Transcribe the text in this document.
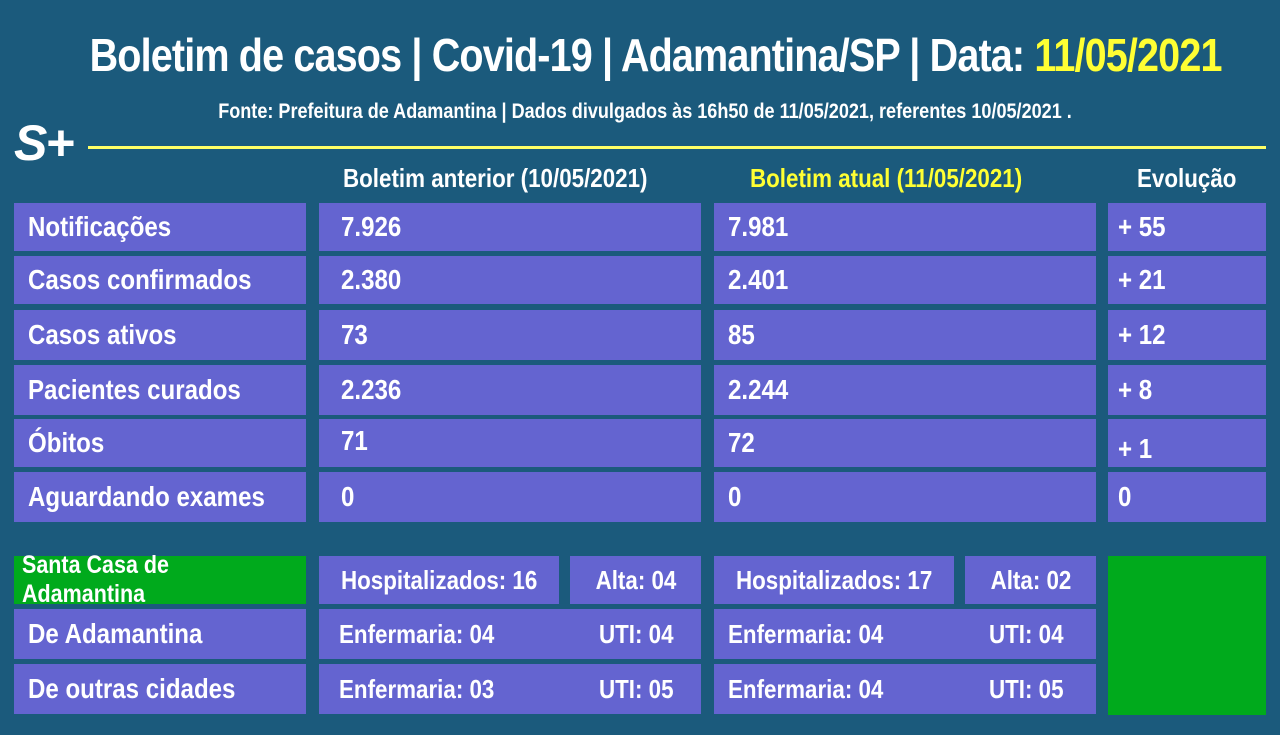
Boletim de casos | Covid-19 | Adamantina/SP | Data: 11/05/2021
Fonte: Prefeitura de Adamantina | Dados divulgados às 16h50 de 11/05/2021, referentes 10/05/2021 .
S+
Boletim anterior (10/05/2021)	Boletim atual (11/05/2021)	Evolução
Notificações	7.926	7.981	+ 55
Casos confirmados	2.380	2.401	+ 21
Casos ativos	73	85	+ 12
Pacientes curados	2.236	2.244	+ 8
Óbitos	71	72	+ 1
Aguardando exames	0	0	0
Santa Casa de Adamantina	Hospitalizados: 16 Alta: 04 Hospitalizados: 17 Alta: 02
De Adamantina	Enfermaria: 04	UTI: 04 Enfermaria: 04	UTI: 04
De outras cidades	Enfermaria: 03	UTI: 05 Enfermaria: 04	UTI: 05
